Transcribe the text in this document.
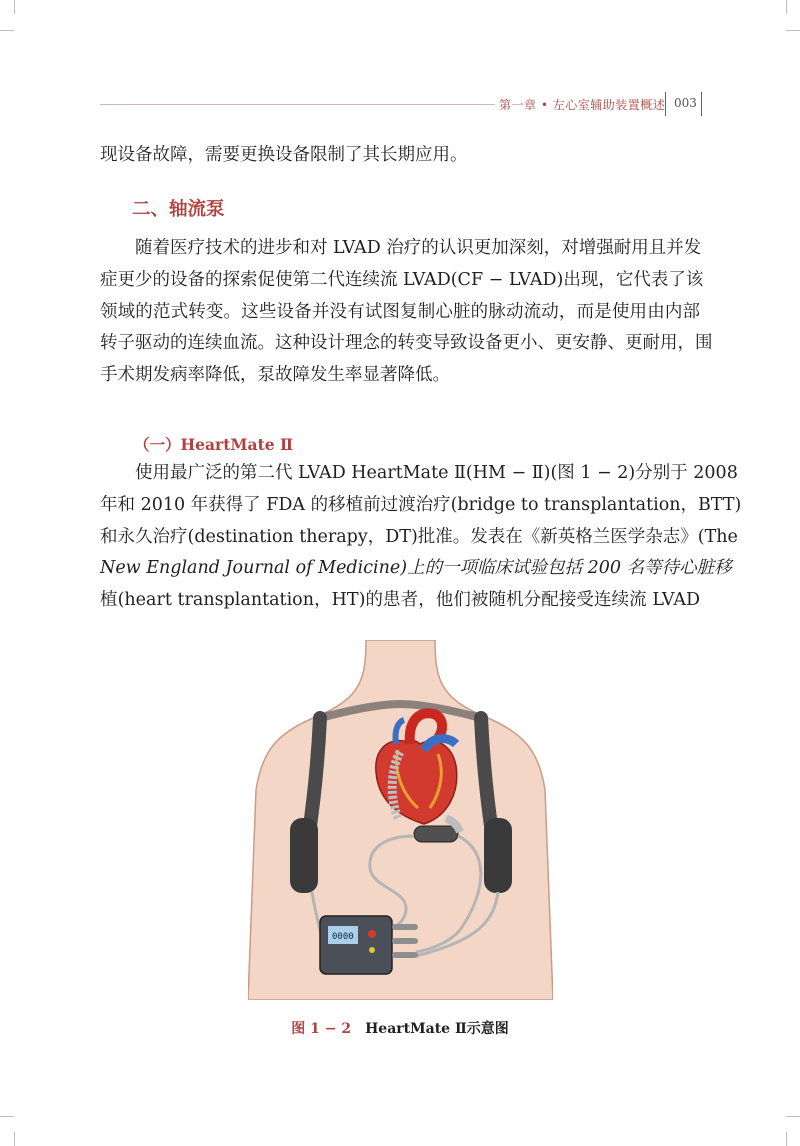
第一章 • 左心室辅助装置概述 003

现设备故障，需要更换设备限制了其长期应用。

二、轴流泵

　　随着医疗技术的进步和对 LVAD 治疗的认识更加深刻，对增强耐用且并发
症更少的设备的探索促使第二代连续流 LVAD(CF − LVAD)出现，它代表了该
领域的范式转变。这些设备并没有试图复制心脏的脉动流动，而是使用由内部
转子驱动的连续血流。这种设计理念的转变导致设备更小、更安静、更耐用，围
手术期发病率降低，泵故障发生率显著降低。

（一）HeartMate Ⅱ

　　使用最广泛的第二代 LVAD HeartMate Ⅱ(HM − Ⅱ)(图 1 − 2)分别于 2008
年和 2010 年获得了 FDA 的移植前过渡治疗(bridge to transplantation，BTT)
和永久治疗(destination therapy，DT)批准。发表在《新英格兰医学杂志》(The
New England Journal of Medicine)上的一项临床试验包括 200 名等待心脏移
植(heart transplantation，HT)的患者，他们被随机分配接受连续流 LVAD

0000
图 1 − 2 HeartMate Ⅱ示意图
